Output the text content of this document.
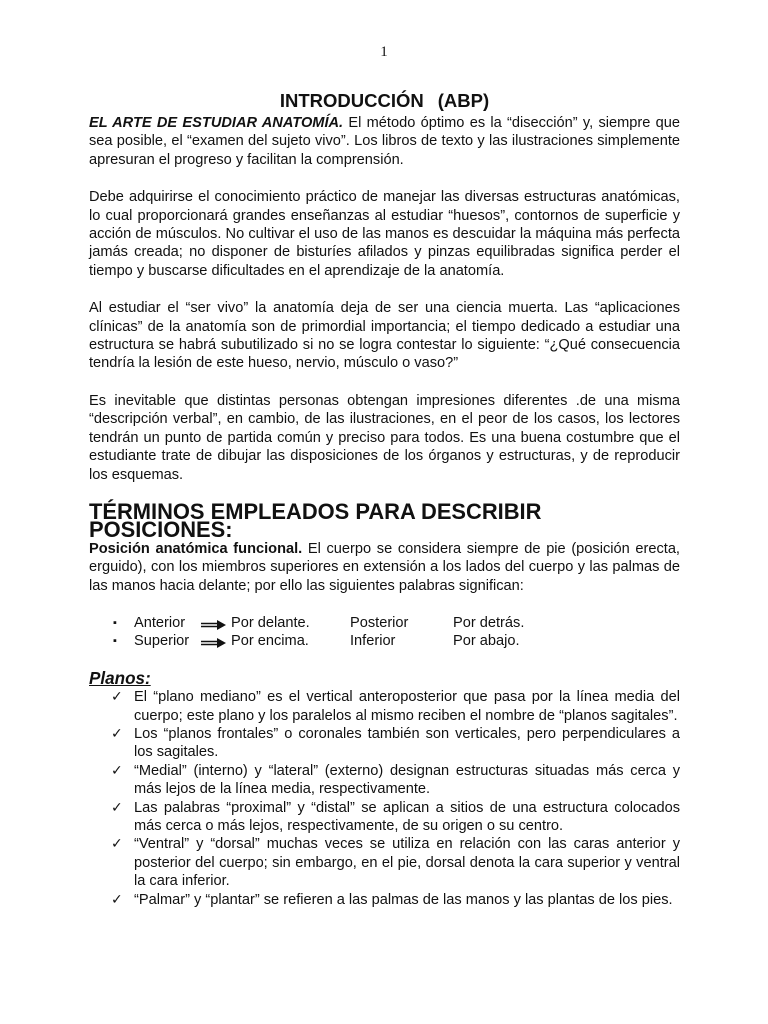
1
INTRODUCCIÓN (ABP)

EL ARTE DE ESTUDIAR ANATOMÍA. El método óptimo es la “disección” y, siempre que sea posible, el “examen del sujeto vivo”. Los libros de texto y las ilustraciones simplemente apresuran el progreso y facilitan la comprensión.

Debe adquirirse el conocimiento práctico de manejar las diversas estructuras anatómicas, lo cual proporcionará grandes enseñanzas al estudiar “huesos”, contornos de superficie y acción de músculos. No cultivar el uso de las manos es descuidar la máquina más perfecta jamás creada; no disponer de bisturíes afilados y pinzas equilibradas significa perder el tiempo y buscarse dificultades en el aprendizaje de la anatomía.

Al estudiar el “ser vivo” la anatomía deja de ser una ciencia muerta. Las “aplicaciones clínicas” de la anatomía son de primordial importancia; el tiempo dedicado a estudiar una estructura se habrá subutilizado si no se logra contestar lo siguiente: “¿Qué consecuencia tendría la lesión de este hueso, nervio, músculo o vaso?”

Es inevitable que distintas personas obtengan impresiones diferentes .de una misma “descripción verbal”, en cambio, de las ilustraciones, en el peor de los casos, los lectores tendrán un punto de partida común y preciso para todos. Es una buena costumbre que el estudiante trate de dibujar las disposiciones de los órganos y estructuras, y de reproducir los esquemas.

TÉRMINOS EMPLEADOS PARA DESCRIBIR POSICIONES:

Posición anatómica funcional. El cuerpo se considera siempre de pie (posición erecta, erguido), con los miembros superiores en extensión a los lados del cuerpo y las palmas de las manos hacia delante; por ello las siguientes palabras significan:

▪ Anterior	Por delante.	Posterior	Por detrás.
▪ Superior	Por encima.	Inferior	Por abajo.
Planos:
✓ El “plano mediano” es el vertical anteroposterior que pasa por la línea media del cuerpo; este plano y los paralelos al mismo reciben el nombre de “planos sagitales”.
✓ Los “planos frontales” o coronales también son verticales, pero perpendiculares a los sagitales.
✓ “Medial” (interno) y “lateral” (externo) designan estructuras situadas más cerca y más lejos de la línea media, respectivamente.
✓ Las palabras “proximal” y “distal” se aplican a sitios de una estructura colocados más cerca o más lejos, respectivamente, de su origen o su centro.
✓ “Ventral” y “dorsal” muchas veces se utiliza en relación con las caras anterior y posterior del cuerpo; sin embargo, en el pie, dorsal denota la cara superior y ventral la cara inferior.
✓ “Palmar” y “plantar” se refieren a las palmas de las manos y las plantas de los pies.
